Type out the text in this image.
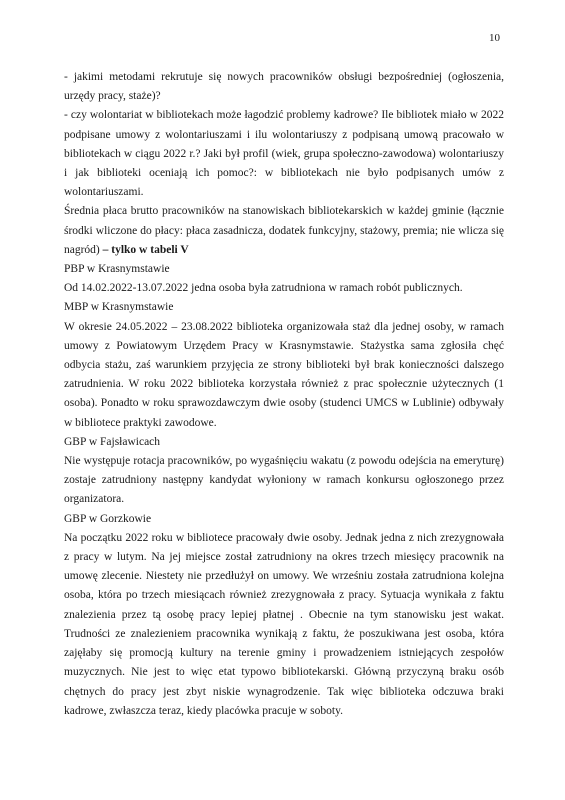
10

- jakimi metodami rekrutuje się nowych pracowników obsługi bezpośredniej (ogłoszenia, urzędy pracy, staże)?

- czy wolontariat w bibliotekach może łagodzić problemy kadrowe? Ile bibliotek miało w 2022 podpisane umowy z wolontariuszami i ilu wolontariuszy z podpisaną umową pracowało w bibliotekach w ciągu 2022 r.? Jaki był profil (wiek, grupa społeczno-zawodowa) wolontariuszy i jak biblioteki oceniają ich pomoc?: w bibliotekach nie było podpisanych umów z wolontariuszami.

Średnia płaca brutto pracowników na stanowiskach bibliotekarskich w każdej gminie (łącznie środki wliczone do płacy: płaca zasadnicza, dodatek funkcyjny, stażowy, premia; nie wlicza się nagród) – tylko w tabeli V

PBP w Krasnymstawie

Od 14.02.2022-13.07.2022 jedna osoba była zatrudniona w ramach robót publicznych.

MBP w Krasnymstawie

W okresie 24.05.2022 – 23.08.2022 biblioteka organizowała staż dla jednej osoby, w ramach umowy z Powiatowym Urzędem Pracy w Krasnymstawie. Stażystka sama zgłosiła chęć odbycia stażu, zaś warunkiem przyjęcia ze strony biblioteki był brak konieczności dalszego zatrudnienia. W roku 2022 biblioteka korzystała również z prac społecznie użytecznych (1 osoba). Ponadto w roku sprawozdawczym dwie osoby (studenci UMCS w Lublinie) odbywały w bibliotece praktyki zawodowe.

GBP w Fajsławicach

Nie występuje rotacja pracowników, po wygaśnięciu wakatu (z powodu odejścia na emeryturę) zostaje zatrudniony następny kandydat wyłoniony w ramach konkursu ogłoszonego przez organizatora.

GBP w Gorzkowie

Na początku 2022 roku w bibliotece pracowały dwie osoby. Jednak jedna z nich zrezygnowała z pracy w lutym. Na jej miejsce został zatrudniony na okres trzech miesięcy pracownik na umowę zlecenie. Niestety nie przedłużył on umowy. We wrześniu została zatrudniona kolejna osoba, która po trzech miesiącach również zrezygnowała z pracy. Sytuacja wynikała z faktu znalezienia przez tą osobę pracy lepiej płatnej . Obecnie na tym stanowisku jest wakat. Trudności ze znalezieniem pracownika wynikają z faktu, że poszukiwana jest osoba, która zajęłaby się promocją kultury na terenie gminy i prowadzeniem istniejących zespołów muzycznych. Nie jest to więc etat typowo bibliotekarski. Główną przyczyną braku osób chętnych do pracy jest zbyt niskie wynagrodzenie. Tak więc biblioteka odczuwa braki kadrowe, zwłaszcza teraz, kiedy placówka pracuje w soboty.
